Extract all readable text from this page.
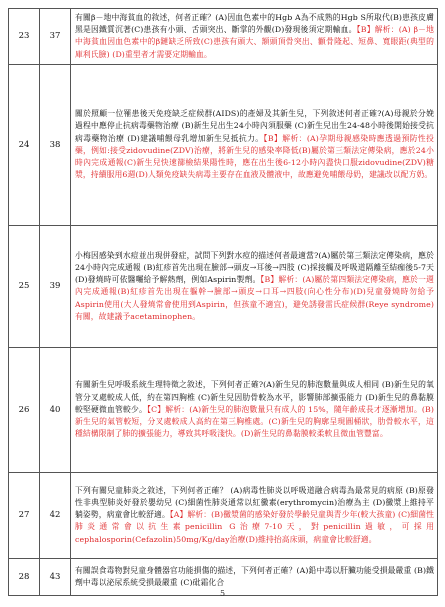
23	37	有關β－地中海貧血的敘述，何者正確？(A)因血色素中的Hgb A為不成熟的Hgb S所取代(B)患孩皮膚黑是因鐵質沉著(C)患孩有小頭、舌頭突出、斷掌的外觀(D)發現後須定期輸血。【B】解析：(A) β－地中海貧血因血色素中的β鏈缺乏所致(C)患孩有頭大、額頭頂骨突出、顴骨隆起、短鼻、寬眼距(典型的庫利氏臉) (D)重型者才需要定期輸血。
24	38	關於照顧一位罹患後天免疫缺乏症候群(AIDS)的產婦及其新生兒，下列敘述何者正確?(A)母親於分娩過程中應停止抗病毒藥物治療 (B)新生兒出生24小時內須服藥 (C)新生兒出生24-48小時後開始接受抗病毒藥物治療 (D)建議哺餵母乳增加新生兒抵抗力。【B】解析：(A)孕期母親感染時應透過預防性投藥，例如:接受zidovudine(ZDV)治療，將新生兒的感染率降低(B)屬於第三類法定傳染病，應於24小時內完成通報(C)新生兒快速篩檢結果陽性時，應在出生後6-12小時內盡快口服zidovudine(ZDV)糖漿，持續服用6週(D)人類免疫缺失病毒主要存在血液及體液中，故應避免哺餵母奶，建議改以配方奶。
25	39	小梅因感染到水痘並出現併發症，試問下列對水痘的描述何者最適當?(A)屬於第三類法定傳染病，應於24小時內完成通報 (B)紅疹首先出現在臉部→頭皮→耳後→四肢 (C)採接觸及呼吸道隔離至結痂後5-7天 (D)發燒時可依醫囑給予解熱劑，例如Aspirin製劑。【B】解析：(A)屬於第四類法定傳染病，應於一週內完成通報(B)紅疹首先出現在軀幹→臉部→頭皮→口耳→四肢(向心性分布)(D)兒童發燒時勿給予Aspirin使用(大人發燒常會使用到Aspirin，但孩童不適宜)，避免誘發雷氏症候群(Reye syndrome)有關，故建議予acetaminophen。
26	40	有關新生兒呼吸系統生理特徵之敘述，下列何者正確?(A)新生兒的肺泡數量與成人相同 (B)新生兒的氧管分叉處較成人低，約在第四胸椎 (C)新生兒因肋骨較為水平，影響肺部擴張能力 (D)新生兒的鼻黏膜較堅硬微血管較少。【C】解析：(A)新生兒的肺泡數量只有成人的 15%，隨年齡成長才逐漸增加。(B)新生兒的氣管較短，分叉處較成人高約在第三胸椎處。(C)新生兒的胸廓呈現圓桶狀，肋骨較水平，這種結構限制了肺的擴張能力，導致其呼吸淺快。(D)新生兒的鼻黏膜較柔軟且微血管豐富。
27	42	下列有關兒童肺炎之敘述，下列何者正確？ (A)病毒性肺炎以呼吸道融合病毒為最常見的病原 (B)原發性非典型肺炎好發於嬰幼兒 (C)細菌性肺炎通常以紅黴素(erythromycin)治療為主 (D)黴漿上維持平躺姿勢，病童會比較舒適。【A】解析：(B)黴漿菌的感染好發於學齡兒童與青少年(較大孩童) (C)細菌性肺炎通常會以抗生素penicillin G治療7-10天，對penicillin過敏，可採用cephalosporin(Cefazolin)50mg/Kg/day治療(D)維持抬高床頭，病童會比較舒適。
28	43	有關誤食毒物對兒童身體器官功能損傷的描述，下列何者正確？(A)鉛中毒以肝臟功能受損最嚴重 (B)鐵劑中毒以泌尿系統受損最嚴重 (C)砒霜化合
5
